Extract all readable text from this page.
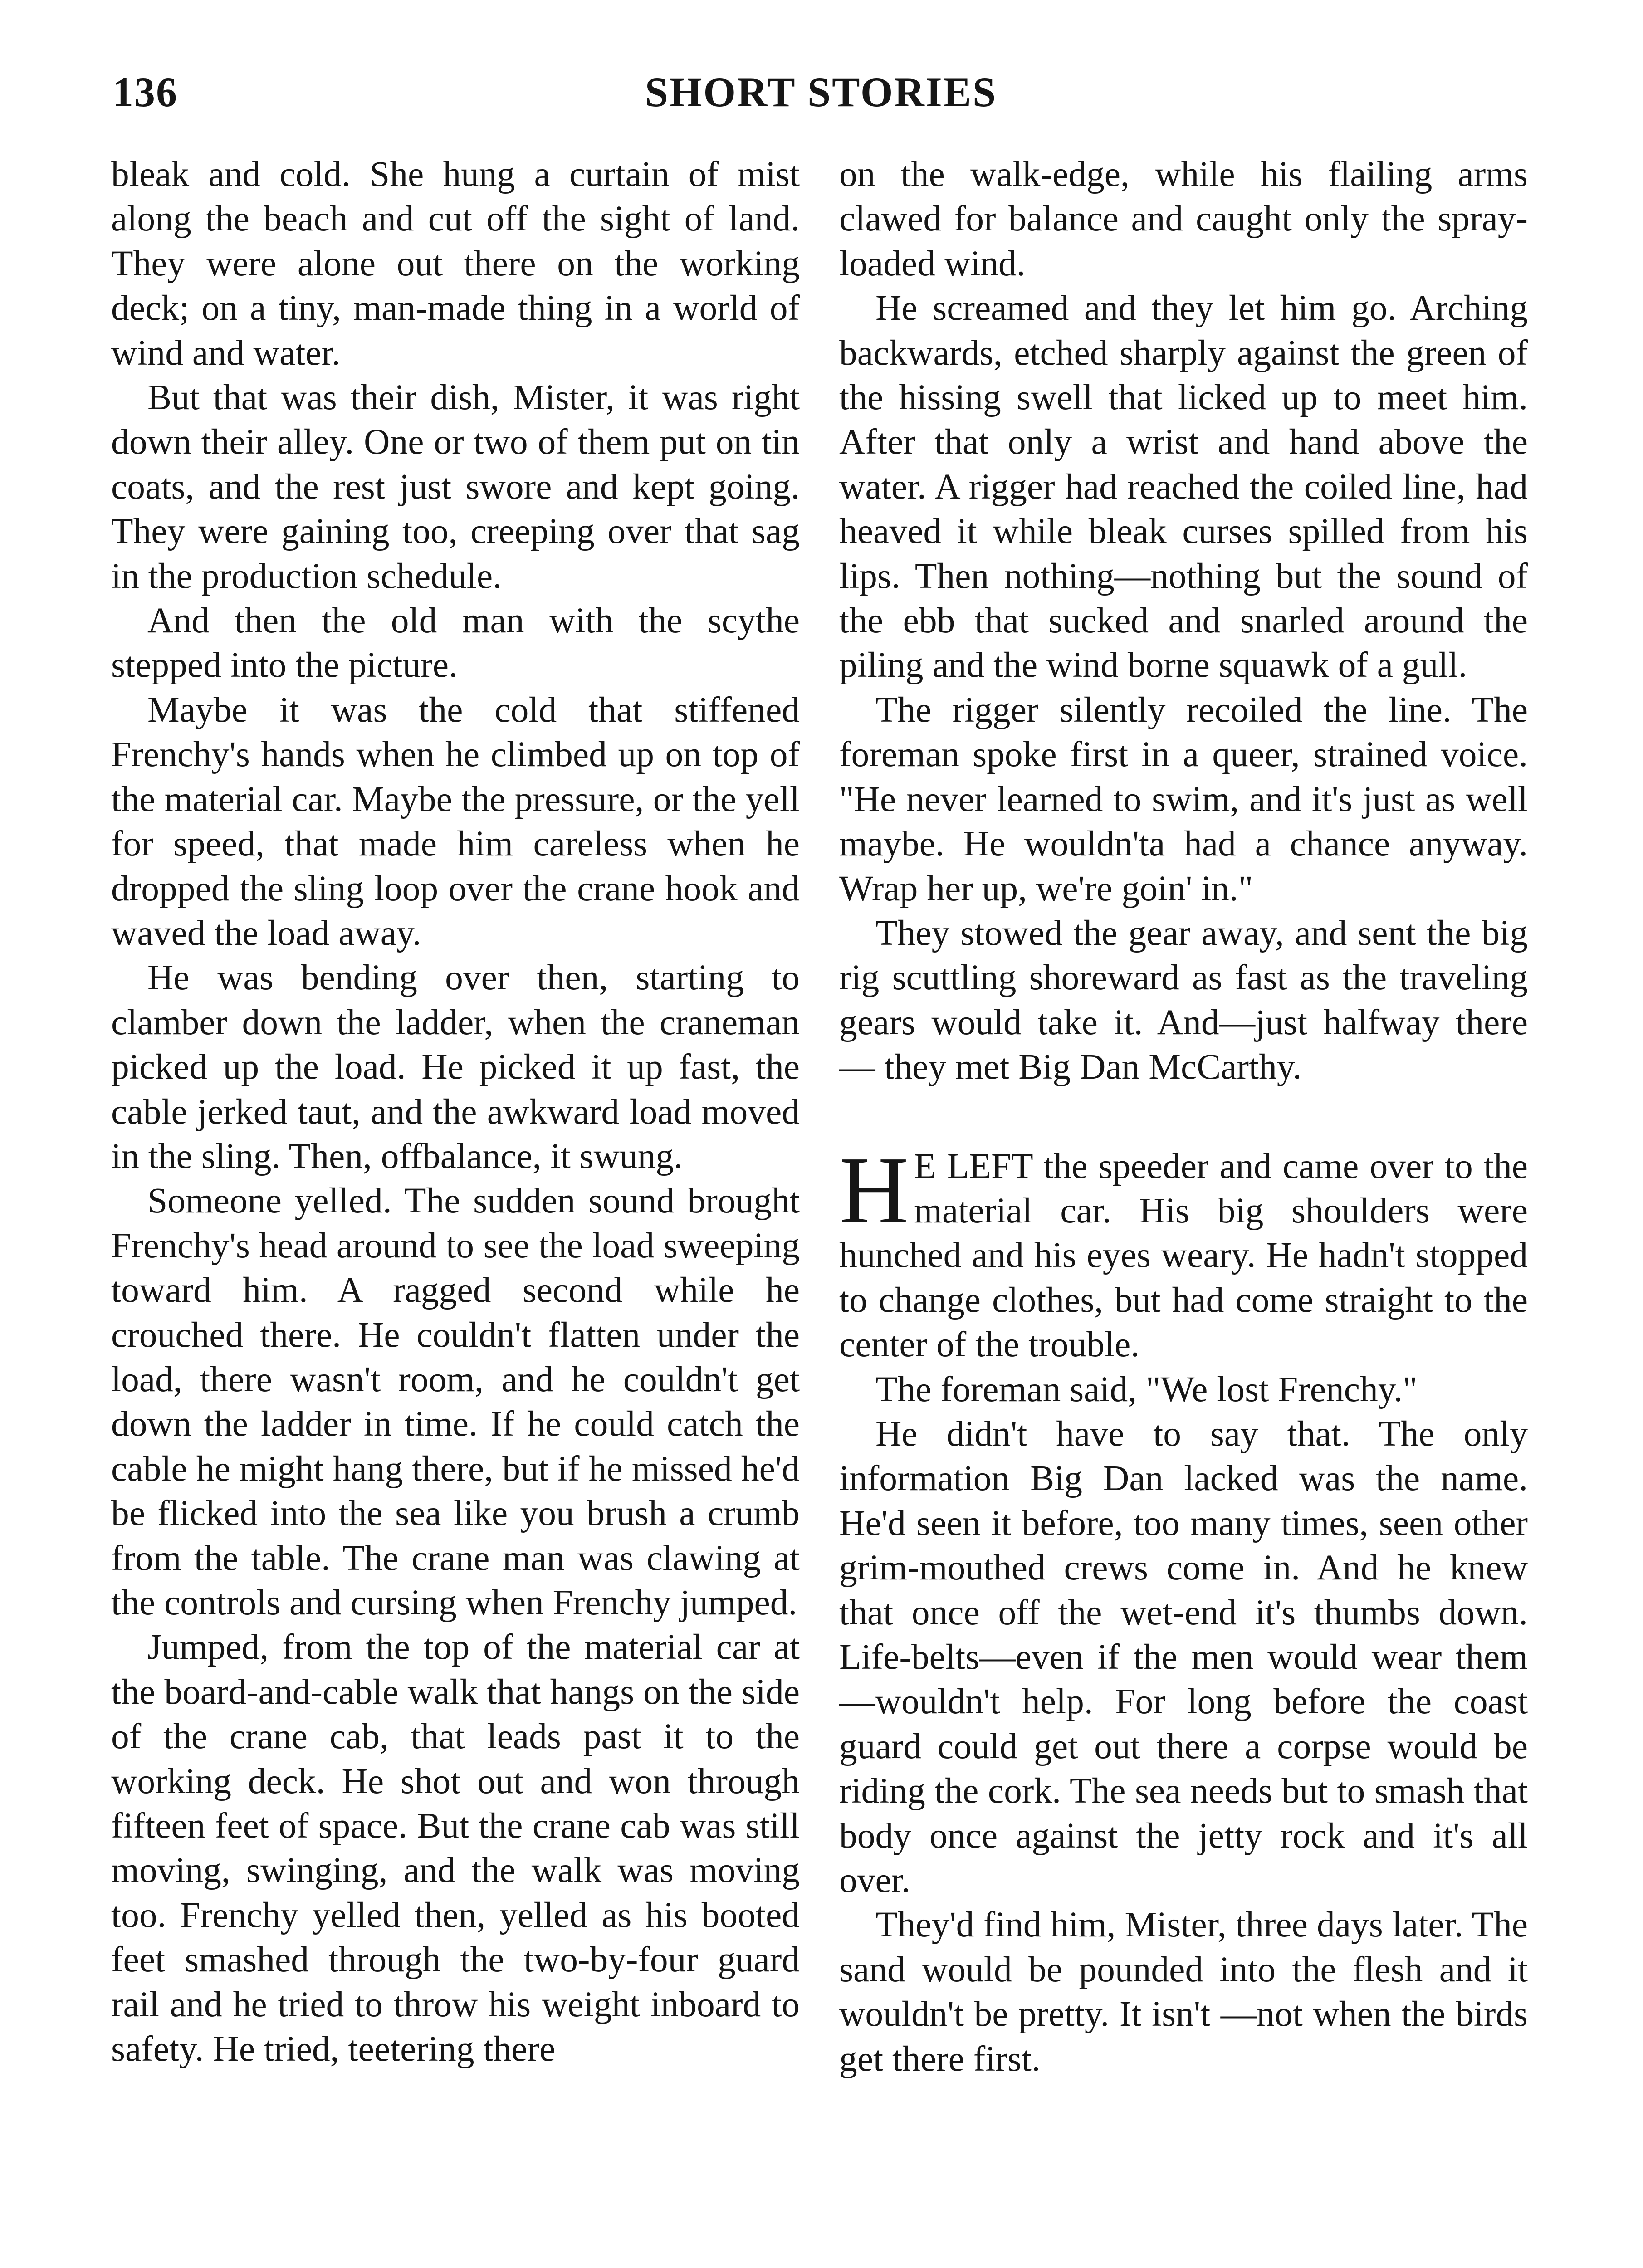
136	SHORT STORIES

bleak and cold. She hung a curtain of mist along the beach and cut off the sight of land. They were alone out there on the working deck; on a tiny, man-made thing in a world of wind and water.

But that was their dish, Mister, it was right down their alley. One or two of them put on tin coats, and the rest just swore and kept going. They were gaining too, creeping over that sag in the production schedule.

And then the old man with the scythe stepped into the picture.

Maybe it was the cold that stiffened Frenchy's hands when he climbed up on top of the material car. Maybe the pressure, or the yell for speed, that made him careless when he dropped the sling loop over the crane hook and waved the load away.

He was bending over then, starting to clamber down the ladder, when the craneman picked up the load. He picked it up fast, the cable jerked taut, and the awkward load moved in the sling. Then, offbalance, it swung.

Someone yelled. The sudden sound brought Frenchy's head around to see the load sweeping toward him. A ragged second while he crouched there. He couldn't flatten under the load, there wasn't room, and he couldn't get down the ladder in time. If he could catch the cable he might hang there, but if he missed he'd be flicked into the sea like you brush a crumb from the table. The crane man was clawing at the controls and cursing when Frenchy jumped.

Jumped, from the top of the material car at the board-and-cable walk that hangs on the side of the crane cab, that leads past it to the working deck. He shot out and won through fifteen feet of space. But the crane cab was still moving, swinging, and the walk was moving too. Frenchy yelled then, yelled as his booted feet smashed through the two-by-four guard rail and he tried to throw his weight inboard to safety. He tried, teetering there

on the walk-edge, while his flailing arms clawed for balance and caught only the spray-loaded wind.

He screamed and they let him go. Arching backwards, etched sharply against the green of the hissing swell that licked up to meet him. After that only a wrist and hand above the water. A rigger had reached the coiled line, had heaved it while bleak curses spilled from his lips. Then nothing—nothing but the sound of the ebb that sucked and snarled around the piling and the wind borne squawk of a gull.

The rigger silently recoiled the line. The foreman spoke first in a queer, strained voice. "He never learned to swim, and it's just as well maybe. He wouldn'ta had a chance anyway. Wrap her up, we're goin' in."

They stowed the gear away, and sent the big rig scuttling shoreward as fast as the traveling gears would take it. And—just halfway there — they met Big Dan McCarthy.

H E LEFT the speeder and came over to the material car. His big shoulders were hunched and his eyes weary. He hadn't stopped to change clothes, but had come straight to the center of the trouble.

The foreman said, "We lost Frenchy."

He didn't have to say that. The only information Big Dan lacked was the name. He'd seen it before, too many times, seen other grim-mouthed crews come in. And he knew that once off the wet-end it's thumbs down. Life-belts—even if the men would wear them—wouldn't help. For long before the coast guard could get out there a corpse would be riding the cork. The sea needs but to smash that body once against the jetty rock and it's all over.

They'd find him, Mister, three days later. The sand would be pounded into the flesh and it wouldn't be pretty. It isn't —not when the birds get there first.
